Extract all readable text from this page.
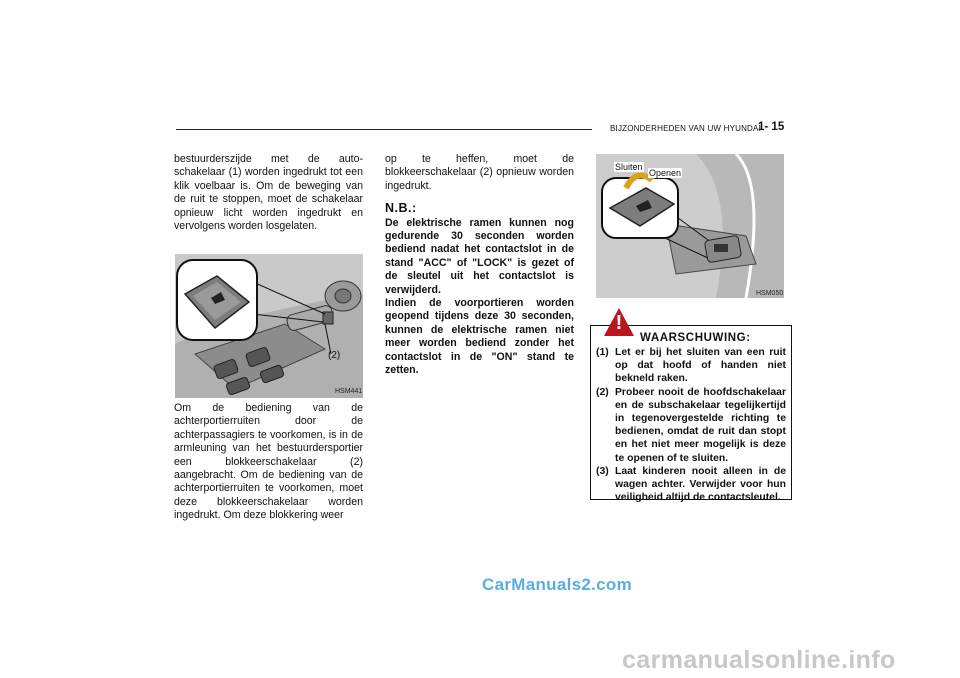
BIJZONDERHEDEN VAN UW HYUNDAI
1- 15

bestuurderszijde met de auto-schakelaar (1) worden ingedrukt tot een klik voelbaar is. Om de beweging van de ruit te stoppen, moet de schakelaar opnieuw licht worden ingedrukt en vervolgens worden losgelaten.

(2)
HSM441

Om de bediening van de achterportierruiten door de achterpassagiers te voorkomen, is in de armleuning van het bestuurdersportier een blokkeerschakelaar (2) aangebracht. Om de bediening van de achterportierruiten te voorkomen, moet deze blokkeerschakelaar worden ingedrukt. Om deze blokkering weer

op te heffen, moet de blokkeerschakelaar (2) opnieuw worden ingedrukt.

N.B.:

De elektrische ramen kunnen nog gedurende 30 seconden worden bediend nadat het contactslot in de stand "ACC" of "LOCK" is gezet of de sleutel uit het contactslot is verwijderd.

Indien de voorportieren worden geopend tijdens deze 30 seconden, kunnen de elektrische ramen niet meer worden bediend zonder het contactslot in de "ON" stand te zetten.

Sluiten
Openen
HSM050
!
WAARSCHUWING:
(1) Let er bij het sluiten van een ruit op dat hoofd of handen niet bekneld raken.
(2) Probeer nooit de hoofdschakelaar en de subschakelaar tegelijkertijd in tegenovergestelde richting te bedienen, omdat de ruit dan stopt en het niet meer mogelijk is deze te openen of te sluiten.
(3) Laat kinderen nooit alleen in de wagen achter. Verwijder voor hun veiligheid altijd de contactsleutel.
CarManuals2.com
carmanualsonline.info
